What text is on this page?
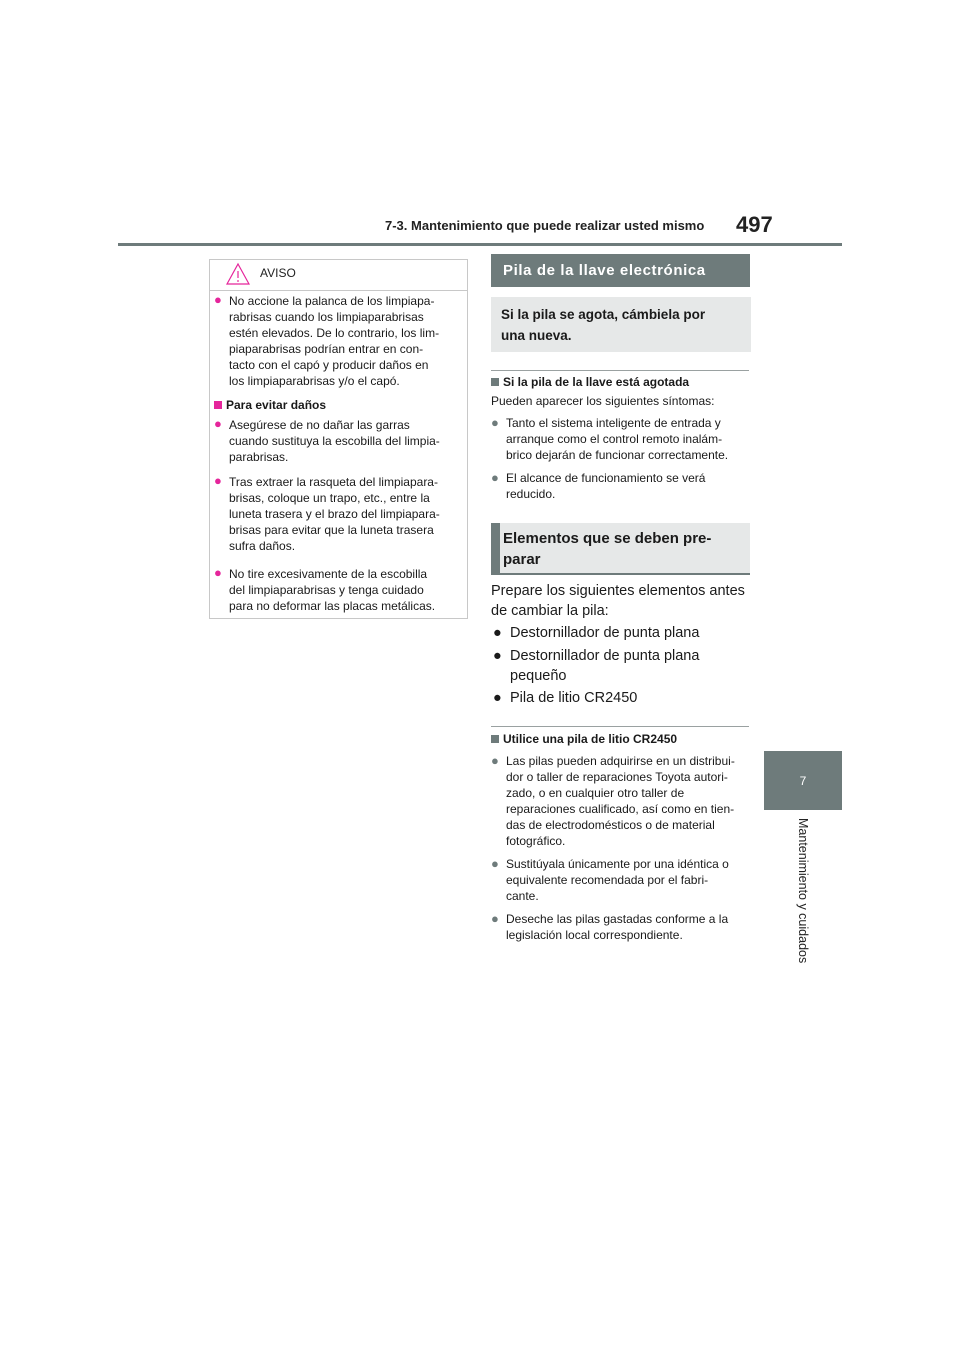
7-3. Mantenimiento que puede realizar usted mismo 497
7
Mantenimiento y cuidados
AVISO
● No accione la palanca de los limpiapa-
rabrisas cuando los limpiaparabrisas
estén elevados. De lo contrario, los lim-
piaparabrisas podrían entrar en con-
tacto con el capó y producir daños en
los limpiaparabrisas y/o el capó.
Para evitar daños
● Asegúrese de no dañar las garras
cuando sustituya la escobilla del limpia-
parabrisas.
● Tras extraer la rasqueta del limpiapara-
brisas, coloque un trapo, etc., entre la
luneta trasera y el brazo del limpiapara-
brisas para evitar que la luneta trasera
sufra daños.
● No tire excesivamente de la escobilla
del limpiaparabrisas y tenga cuidado
para no deformar las placas metálicas.
Pila de la llave electrónica
Si la pila se agota, cámbiela por
una nueva.
Si la pila de la llave está agotada
Pueden aparecer los siguientes síntomas:
● Tanto el sistema inteligente de entrada y
arranque como el control remoto inalám-
brico dejarán de funcionar correctamente.
● El alcance de funcionamiento se verá
reducido.
Elementos que se deben pre-
parar
Prepare los siguientes elementos antes
de cambiar la pila:
● Destornillador de punta plana
● Destornillador de punta plana
pequeño
● Pila de litio CR2450
Utilice una pila de litio CR2450
● Las pilas pueden adquirirse en un distribui-
dor o taller de reparaciones Toyota autori-
zado, o en cualquier otro taller de
reparaciones cualificado, así como en tien-
das de electrodomésticos o de material
fotográfico.
● Sustitúyala únicamente por una idéntica o
equivalente recomendada por el fabri-
cante.
● Deseche las pilas gastadas conforme a la
legislación local correspondiente.
